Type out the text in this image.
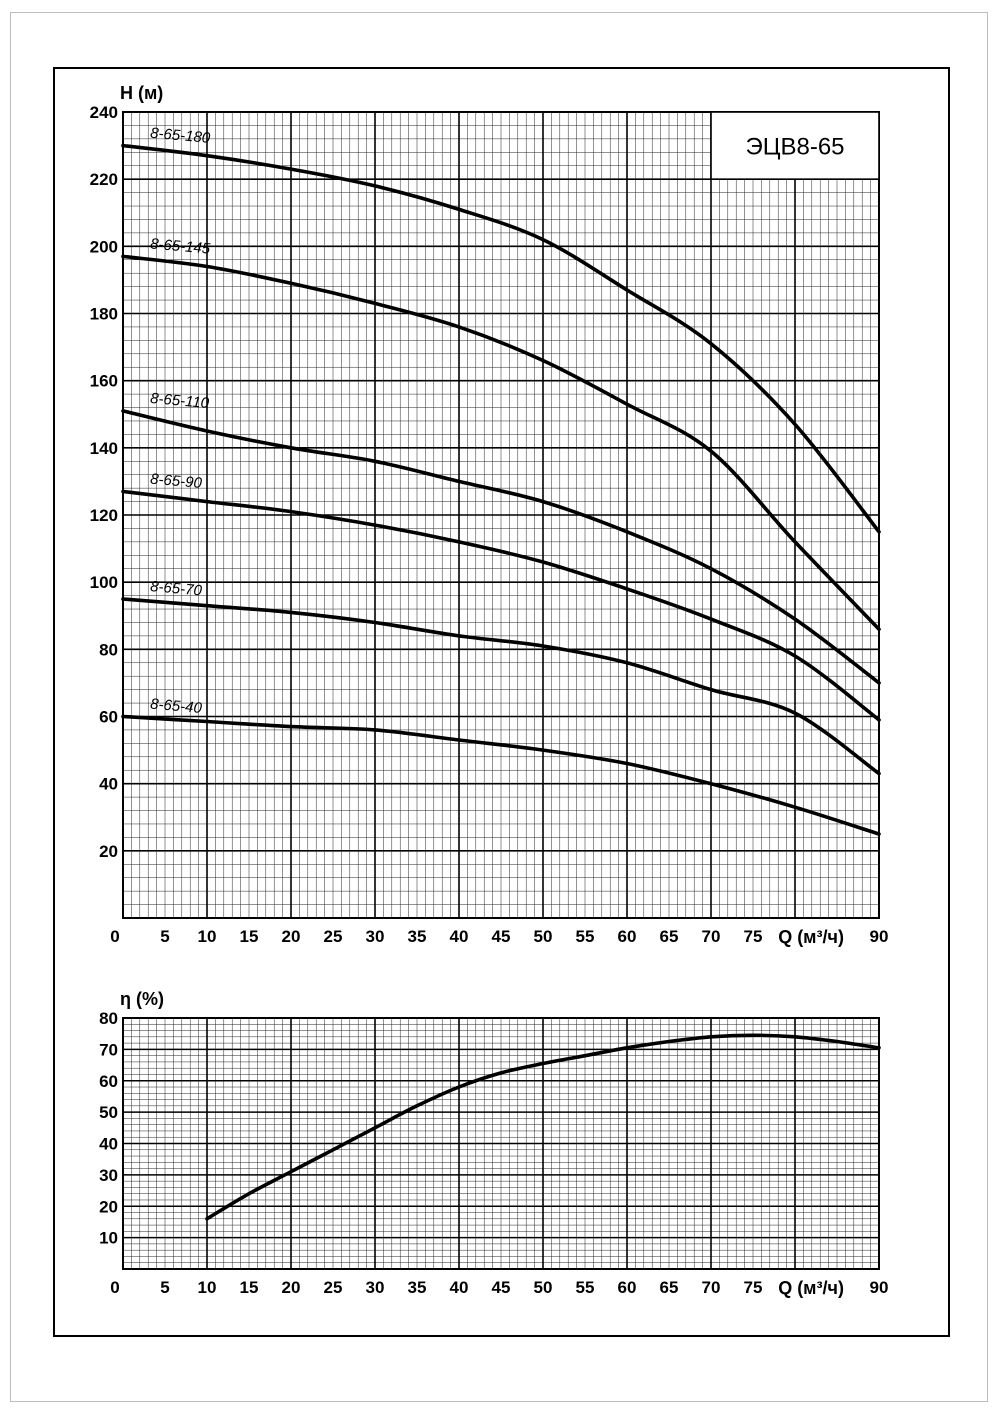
20
40
60
80
100
120
140
160
180
200
220
240
0 5 10 15 20 25 30 35 40 45 50 55 60 65 70 75	90
H (м)
Q (м³/ч)
8-65-180
8-65-145
8-65-110
8-65-90
8-65-70
8-65-40
ЭЦВ8-65
10
20
30
40
50
60
70
80
0 5 10 15 20 25 30 35 40 45 50 55 60 65 70 75	90
η (%)
Q (м³/ч)
